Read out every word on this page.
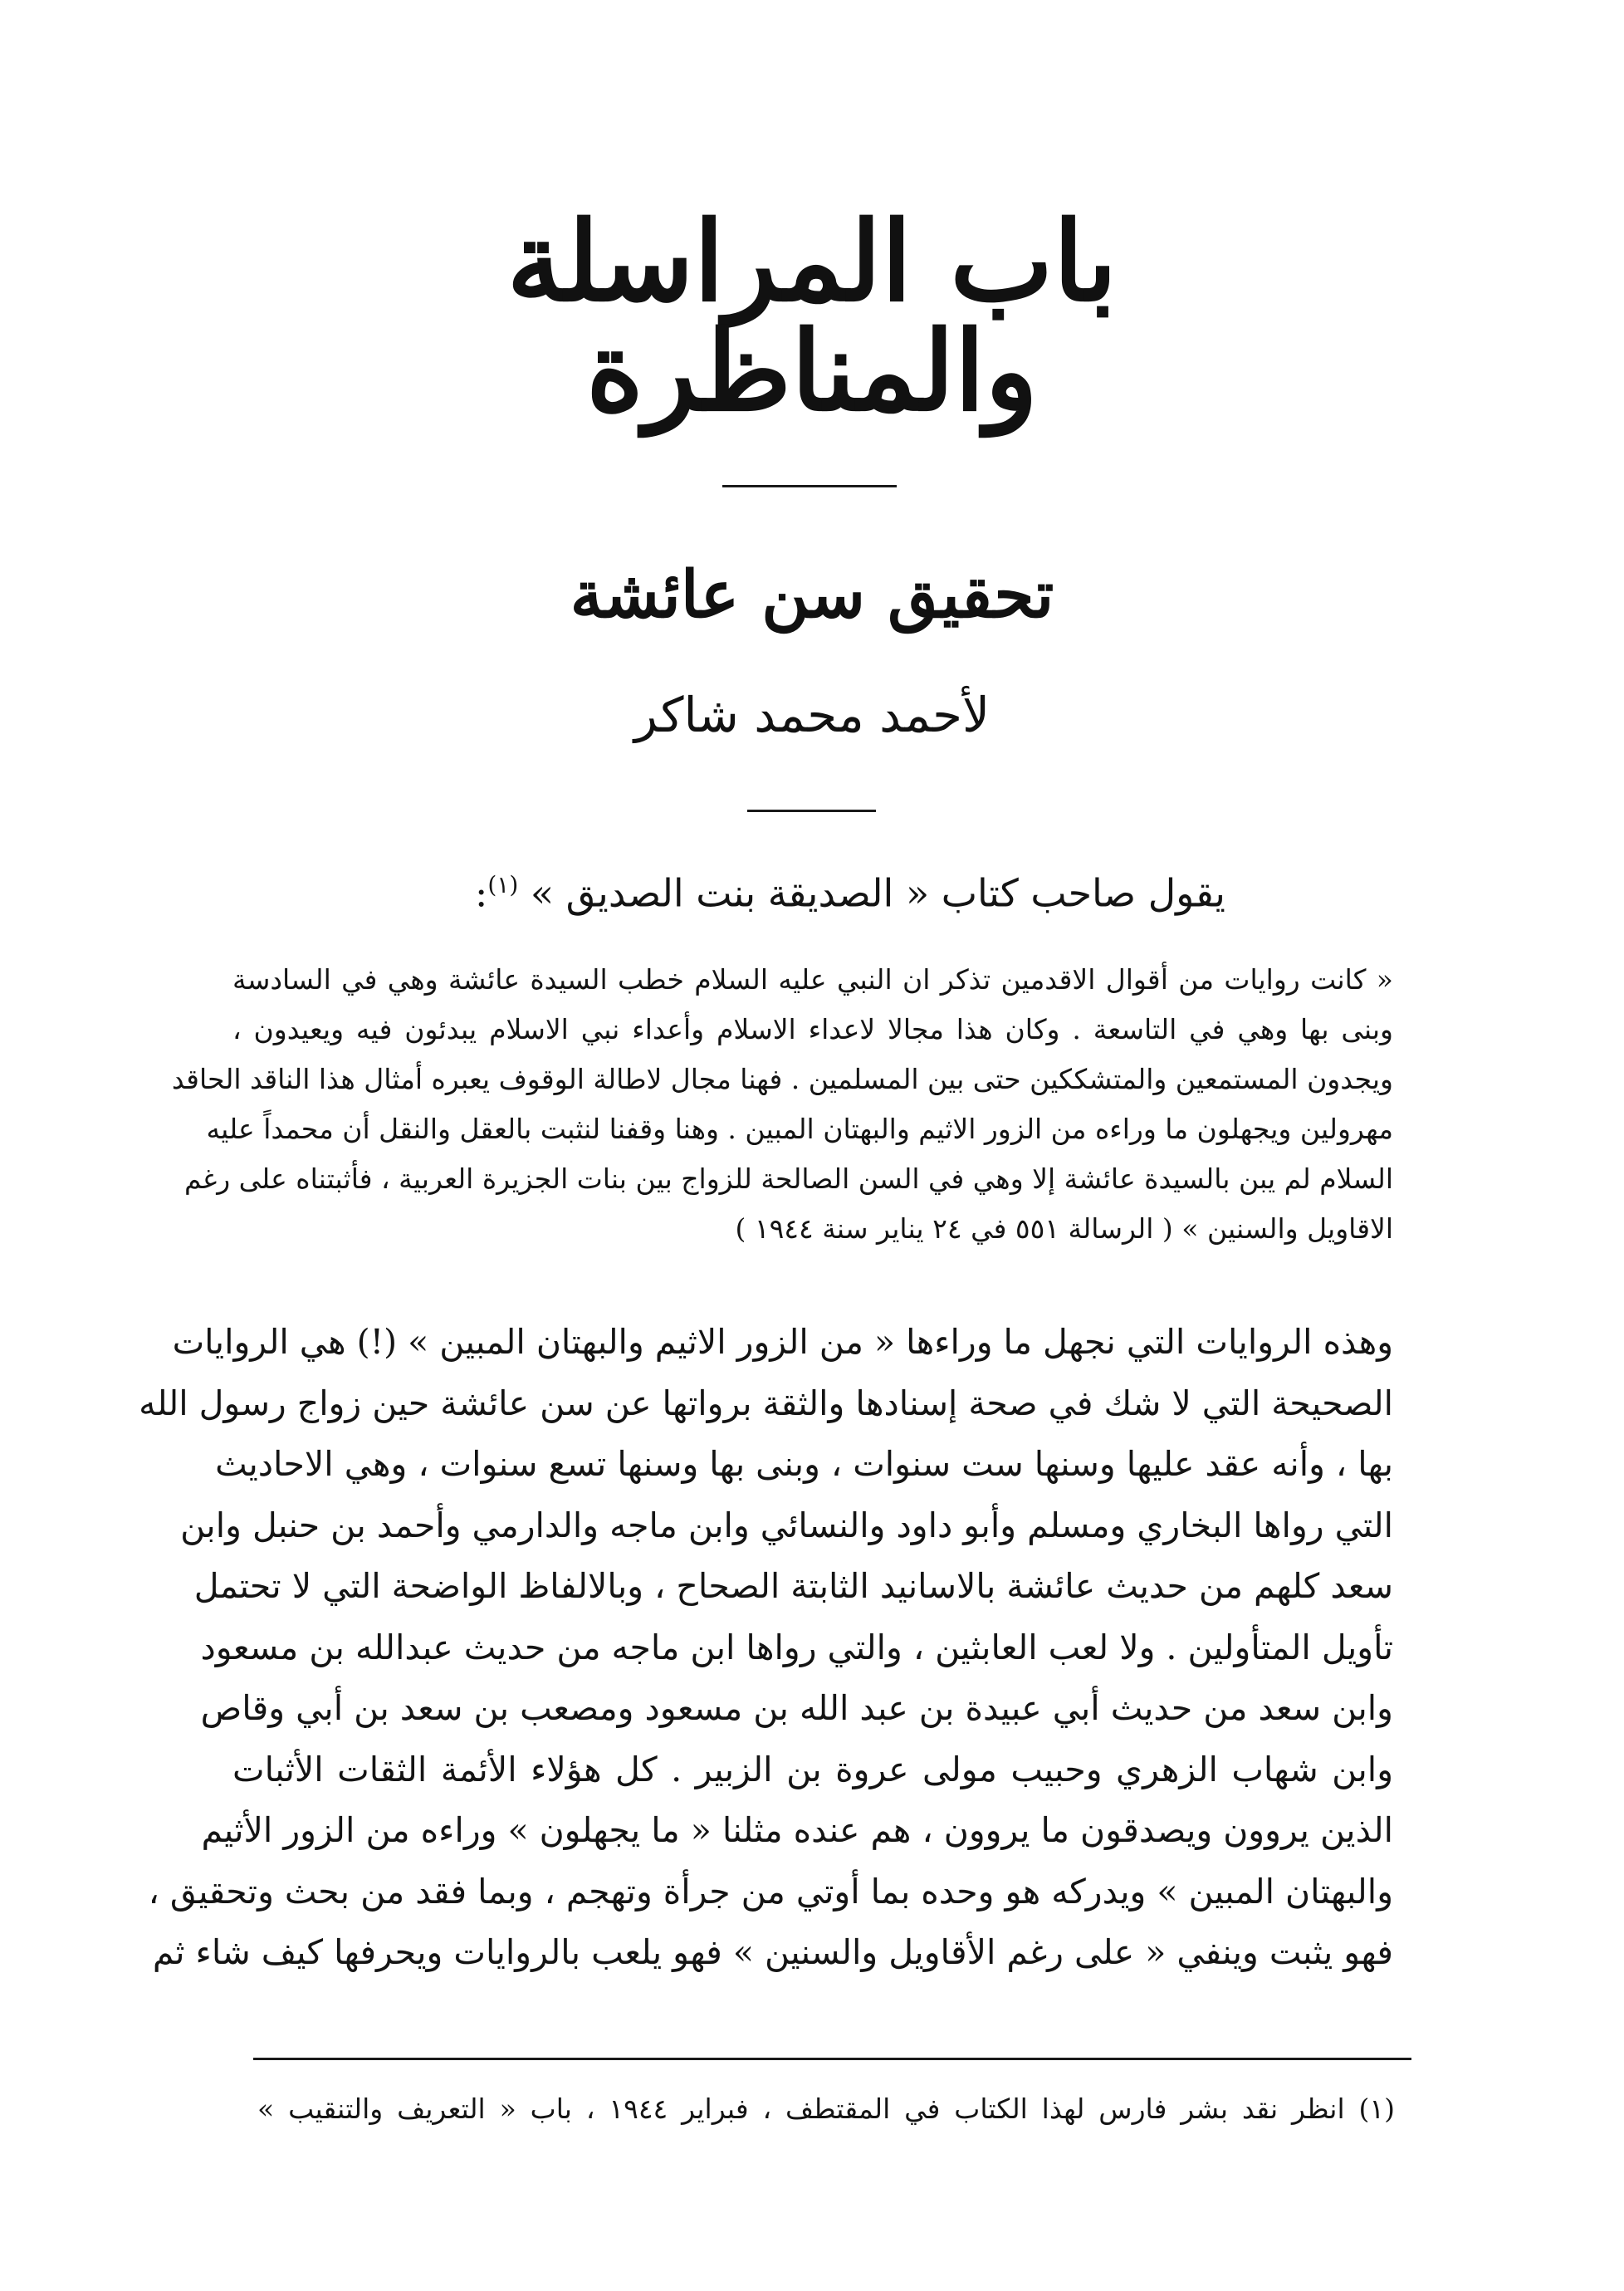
باب المراسلة والمناظرة
تحقيق سن عائشة
لأحمد محمد شاكر
يقول صاحب كتاب « الصديقة بنت الصديق » $^{(١)}$:
« كانت روايات من أقوال الاقدمين تذكر ان النبي عليه السلام خطب السيدة عائشة وهي في السادسة
وبنى بها وهي في التاسعة . وكان هذا مجالا لاعداء الاسلام وأعداء نبي الاسلام يبدئون فيه ويعيدون ،
ويجدون المستمعين والمتشككين حتى بين المسلمين . فهنا مجال لاطالة الوقوف يعبره أمثال هذا الناقد الحاقد
مهرولين ويجهلون ما وراءه من الزور الاثيم والبهتان المبين . وهنا وقفنا لنثبت بالعقل والنقل أن محمداً عليه
السلام لم يبن بالسيدة عائشة إلا وهي في السن الصالحة للزواج بين بنات الجزيرة العربية ، فأثبتناه على رغم
الاقاويل والسنين » ( الرسالة ٥٥١ في ٢٤ يناير سنة ١٩٤٤ )
وهذه الروايات التي نجهل ما وراءها « من الزور الاثيم والبهتان المبين » (!) هي الروايات
الصحيحة التي لا شك في صحة إسنادها والثقة برواتها عن سن عائشة حين زواج رسول الله
بها ، وأنه عقد عليها وسنها ست سنوات ، وبنى بها وسنها تسع سنوات ، وهي الاحاديث
التي رواها البخاري ومسلم وأبو داود والنسائي وابن ماجه والدارمي وأحمد بن حنبل وابن
سعد كلهم من حديث عائشة بالاسانيد الثابتة الصحاح ، وبالالفاظ الواضحة التي لا تحتمل
تأويل المتأولين . ولا لعب العابثين ، والتي رواها ابن ماجه من حديث عبدالله بن مسعود
وابن سعد من حديث أبي عبيدة بن عبد الله بن مسعود ومصعب بن سعد بن أبي وقاص
وابن شهاب الزهري وحبيب مولى عروة بن الزبير . كل هؤلاء الأئمة الثقات الأثبات
الذين يروون ويصدقون ما يروون ، هم عنده مثلنا « ما يجهلون » وراءه من الزور الأثيم
والبهتان المبين » ويدركه هو وحده بما أوتي من جرأة وتهجم ، وبما فقد من بحث وتحقيق ،
فهو يثبت وينفي « على رغم الأقاويل والسنين » فهو يلعب بالروايات ويحرفها كيف شاء ثم
(١) انظر نقد بشر فارس لهذا الكتاب في المقتطف ، فبراير ١٩٤٤ ، باب « التعريف والتنقيب »
